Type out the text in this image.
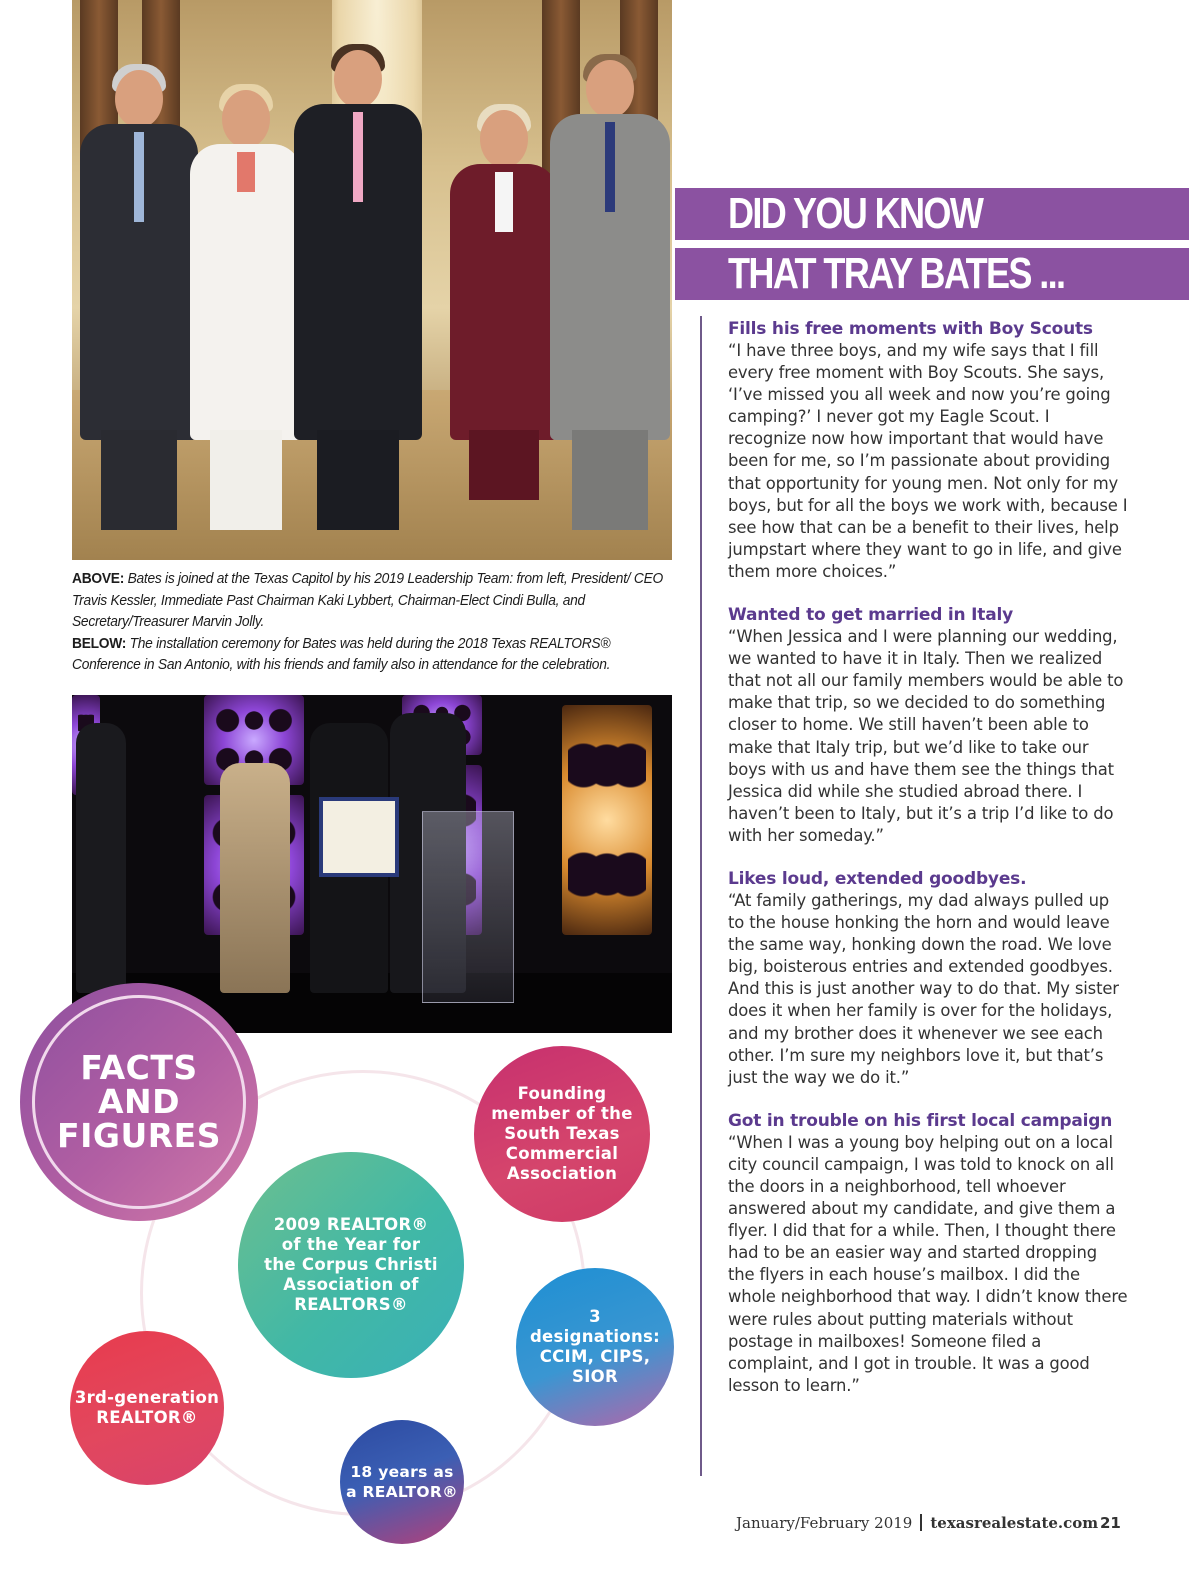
ABOVE: Bates is joined at the Texas Capitol by his 2019 Leadership Team: from left, President/ CEO Travis Kessler, Immediate Past Chairman Kaki Lybbert, Chairman-Elect Cindi Bulla, and Secretary/Treasurer Marvin Jolly.
BELOW: The installation ceremony for Bates was held during the 2018 Texas REALTORS® Conference in San Antonio, with his friends and family also in attendance for the celebration.
DID YOU KNOW
THAT TRAY BATES ...
Fills his free moments with Boy Scouts

“I have three boys, and my wife says that I fill every free moment with Boy Scouts. She says, ‘I’ve missed you all week and now you’re going camping?’ I never got my Eagle Scout. I recognize now how important that would have been for me, so I’m passionate about providing that opportunity for young men. Not only for my boys, but for all the boys we work with, because I see how that can be a benefit to their lives, help jumpstart where they want to go in life, and give them more choices.”

Wanted to get married in Italy

“When Jessica and I were planning our wedding, we wanted to have it in Italy. Then we realized that not all our family members would be able to make that trip, so we decided to do something closer to home. We still haven’t been able to make that Italy trip, but we’d like to take our boys with us and have them see the things that Jessica did while she studied abroad there. I haven’t been to Italy, but it’s a trip I’d like to do with her someday.”

Likes loud, extended goodbyes.

“At family gatherings, my dad always pulled up to the house honking the horn and would leave the same way, honking down the road. We love big, boisterous entries and extended goodbyes. And this is just another way to do that. My sister does it when her family is over for the holidays, and my brother does it whenever we see each other. I’m sure my neighbors love it, but that’s just the way we do it.”

Got in trouble on his first local campaign

“When I was a young boy helping out on a local city council campaign, I was told to knock on all the doors in a neighborhood, tell whoever answered about my candidate, and give them a flyer. I did that for a while. Then, I thought there had to be an easier way and started dropping the flyers in each house’s mailbox. I did the whole neighborhood that way. I didn’t know there were rules about putting materials without postage in mailboxes! Someone filed a complaint, and I got in trouble. It was a good lesson to learn.”

FACTS AND FIGURES
Founding member of the South Texas Commercial Association
2009 REALTOR® of the Year for the Corpus Christi Association of REALTORS®
3 designations: CCIM, CIPS, SIOR
3rd-generation REALTOR®
18 years as a REALTOR®
January/February 2019 texasrealestate.com 21
